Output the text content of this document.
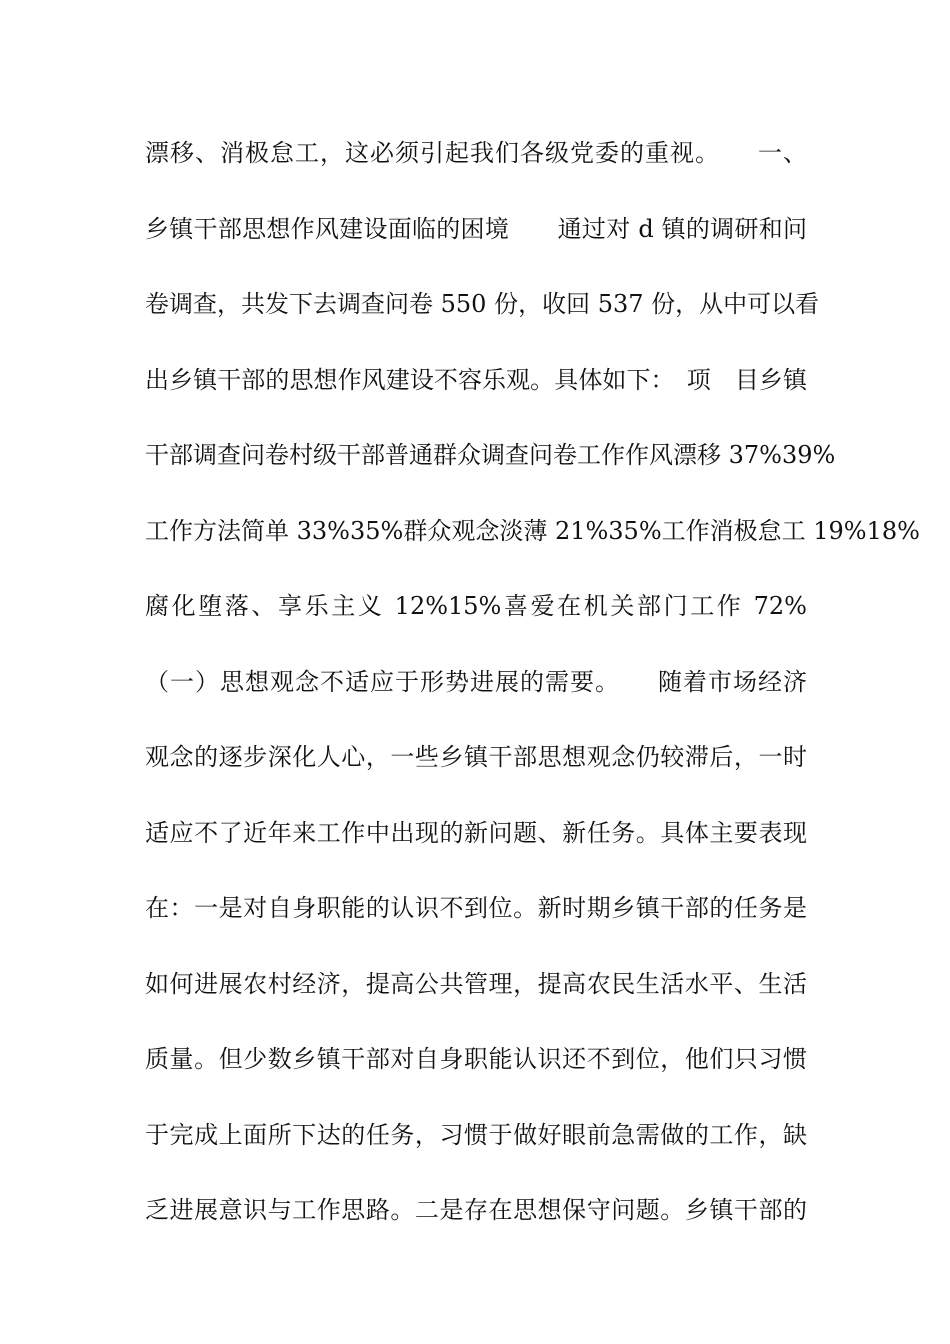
漂移、消极怠工，这必须引起我们各级党委的重视。　　一、
乡镇干部思想作风建设面临的困境　　通过对 d 镇的调研和问
卷调查，共发下去调查问卷 550 份，收回 537 份，从中可以看
出乡镇干部的思想作风建设不容乐观。具体如下：　项　目乡镇
干部调查问卷村级干部普通群众调查问卷工作作风漂移 37%39%
工作方法简单 33%35%群众观念淡薄 21%35%工作消极怠工 19%18%
腐化堕落、享乐主义 12%15%喜爱在机关部门工作 72%
（一）思想观念不适应于形势进展的需要。　　随着市场经济
观念的逐步深化人心，一些乡镇干部思想观念仍较滞后，一时
适应不了近年来工作中出现的新问题、新任务。具体主要表现
在：一是对自身职能的认识不到位。新时期乡镇干部的任务是
如何进展农村经济，提高公共管理，提高农民生活水平、生活
质量。但少数乡镇干部对自身职能认识还不到位，他们只习惯
于完成上面所下达的任务，习惯于做好眼前急需做的工作，缺
乏进展意识与工作思路。二是存在思想保守问题。乡镇干部的
